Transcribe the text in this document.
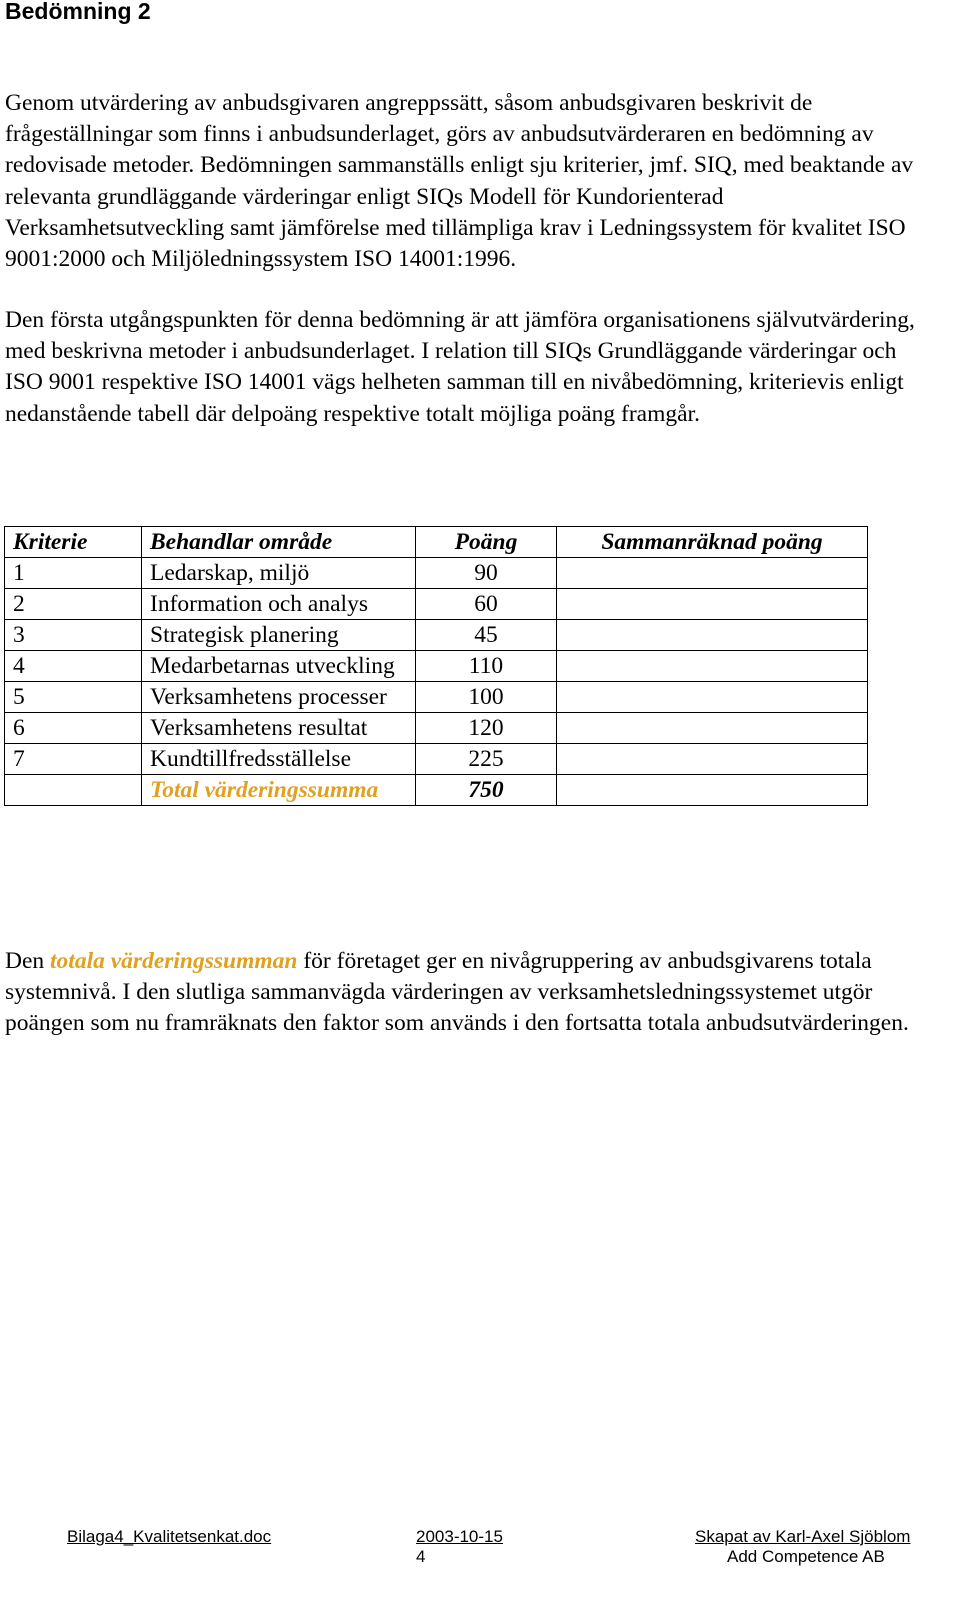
Bedömning 2

Genom utvärdering av anbudsgivaren angreppssätt, såsom anbudsgivaren beskrivit de frågeställningar som finns i anbudsunderlaget, görs av anbudsutvärderaren en bedömning av redovisade metoder. Bedömningen sammanställs enligt sju kriterier, jmf. SIQ, med beaktande av relevanta grundläggande värderingar enligt SIQs Modell för Kundorienterad Verksamhetsutveckling samt jämförelse med tillämpliga krav i Ledningssystem för kvalitet ISO 9001:2000 och Miljöledningssystem ISO 14001:1996.

Den första utgångspunkten för denna bedömning är att jämföra organisationens självutvärdering, med beskrivna metoder i anbudsunderlaget. I relation till SIQs Grundläggande värderingar och ISO 9001 respektive ISO 14001 vägs helheten samman till en nivåbedömning, kriterievis enligt nedanstående tabell där delpoäng respektive totalt möjliga poäng framgår.

Kriterie	Behandlar område	Poäng	Sammanräknad poäng
1	Ledarskap, miljö	90	
2	Information och analys	60	
3	Strategisk planering	45	
4	Medarbetarnas utveckling	110	
5	Verksamhetens processer	100	
6	Verksamhetens resultat	120	
7	Kundtillfredsställelse	225	
	Total värderingssumma	750	

Den totala värderingssumman för företaget ger en nivågruppering av anbudsgivarens totala systemnivå. I den slutliga sammanvägda värderingen av verksamhetsledningssystemet utgör poängen som nu framräknats den faktor som används i den fortsatta totala anbudsutvärderingen.

Bilaga4_Kvalitetsenkat.doc	2003-10-15	Skapat av Karl-Axel Sjöblom
4	Add Competence AB
